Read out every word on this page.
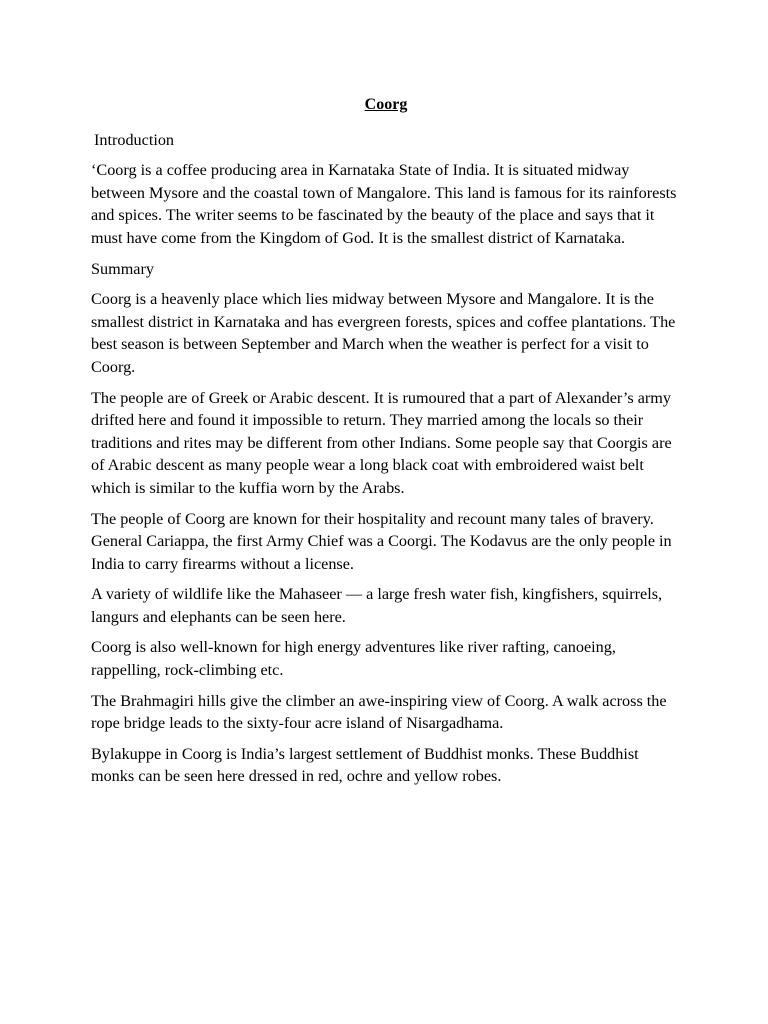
Coorg
Introduction
‘Coorg is a coffee producing area in Karnataka State of India. It is situated midway between Mysore and the coastal town of Mangalore. This land is famous for its rainforests and spices. The writer seems to be fascinated by the beauty of the place and says that it must have come from the Kingdom of God. It is the smallest district of Karnataka.
Summary
Coorg is a heavenly place which lies midway between Mysore and Mangalore. It is the smallest district in Karnataka and has evergreen forests, spices and coffee plantations. The best season is between September and March when the weather is perfect for a visit to Coorg.
The people are of Greek or Arabic descent. It is rumoured that a part of Alexander’s army drifted here and found it impossible to return. They married among the locals so their traditions and rites may be different from other Indians. Some people say that Coorgis are of Arabic descent as many people wear a long black coat with embroidered waist belt which is similar to the kuffia worn by the Arabs.
The people of Coorg are known for their hospitality and recount many tales of bravery. General Cariappa, the first Army Chief was a Coorgi. The Kodavus are the only people in India to carry firearms without a license.
A variety of wildlife like the Mahaseer — a large fresh water fish, kingfishers, squirrels, langurs and elephants can be seen here.
Coorg is also well-known for high energy adventures like river rafting, canoeing, rappelling, rock-climbing etc.
The Brahmagiri hills give the climber an awe-inspiring view of Coorg. A walk across the rope bridge leads to the sixty-four acre island of Nisargadhama.
Bylakuppe in Coorg is India’s largest settlement of Buddhist monks. These Buddhist monks can be seen here dressed in red, ochre and yellow robes.
